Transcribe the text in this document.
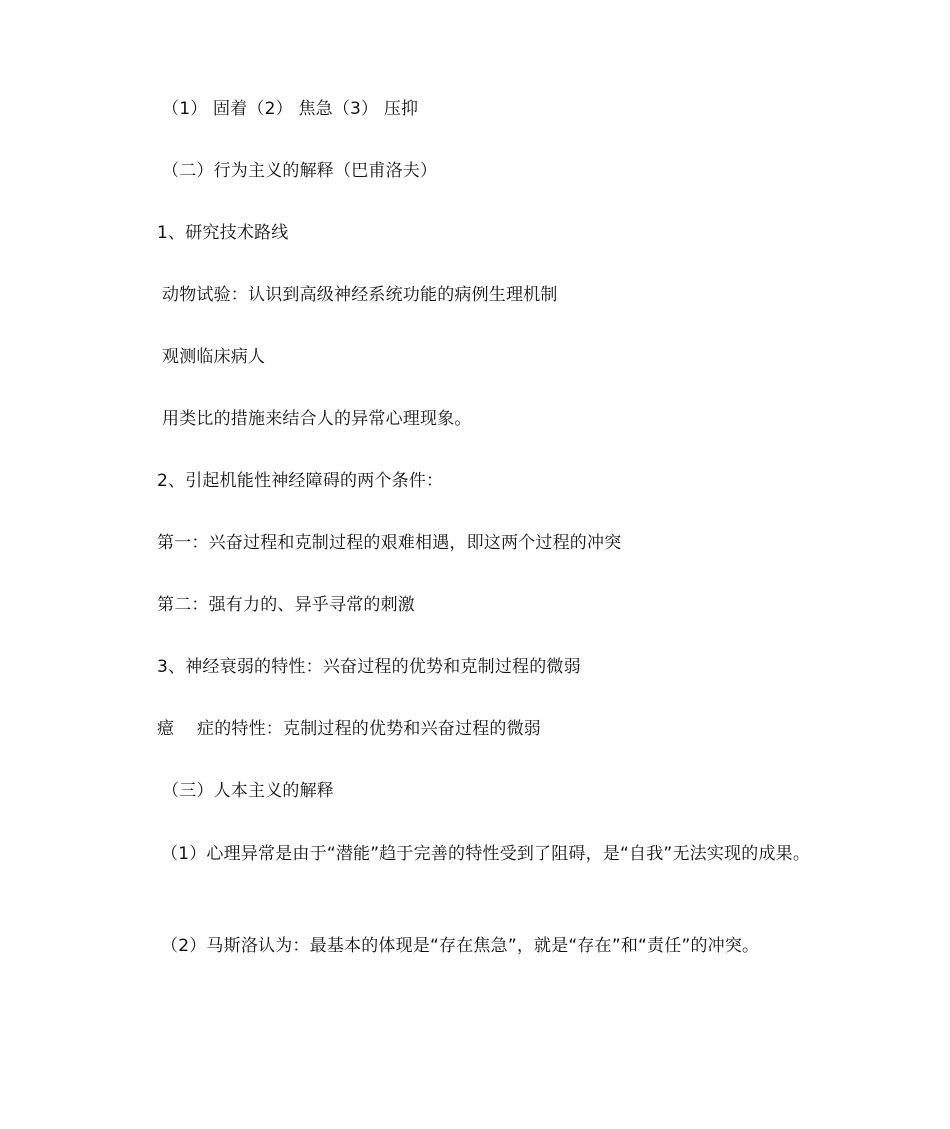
（1） 固着（2） 焦急（3） 压抑
（二）行为主义的解释（巴甫洛夫）
1、研究技术路线
动物试验：认识到高级神经系统功能的病例生理机制
观测临床病人
用类比的措施来结合人的异常心理现象。
2、引起机能性神经障碍的两个条件：
第一：兴奋过程和克制过程的艰难相遇，即这两个过程的冲突
第二：强有力的、异乎寻常的刺激
3、神经衰弱的特性：兴奋过程的优势和克制过程的微弱
癔　 症的特性：克制过程的优势和兴奋过程的微弱
（三）人本主义的解释
（1）心理异常是由于“潜能”趋于完善的特性受到了阻碍，是“自我”无法实现的成果。
（2）马斯洛认为：最基本的体现是“存在焦急”，就是“存在”和“责任”的冲突。
